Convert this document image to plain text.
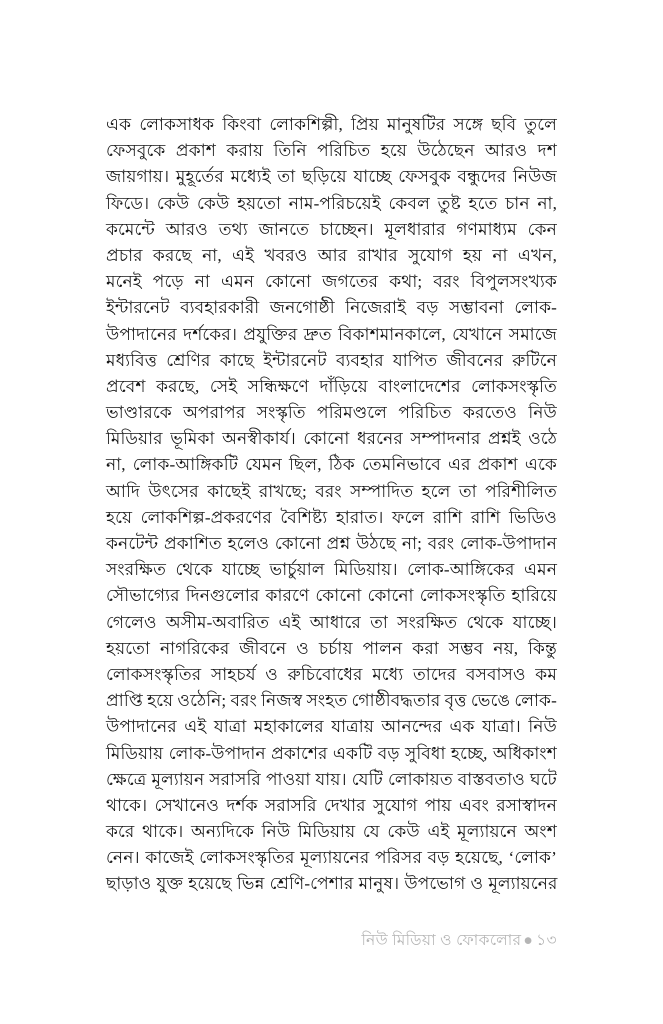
এক লোকসাধক কিংবা লোকশিল্পী, প্রিয় মানুষটির সঙ্গে ছবি তুলে
ফেসবুকে প্রকাশ করায় তিনি পরিচিত হয়ে উঠেছেন আরও দশ
জায়গায়। মুহূর্তের মধ্যেই তা ছড়িয়ে যাচ্ছে ফেসবুক বন্ধুদের নিউজ
ফিডে। কেউ কেউ হয়তো নাম-পরিচয়েই কেবল তুষ্ট হতে চান না,
কমেন্টে আরও তথ্য জানতে চাচ্ছেন। মূলধারার গণমাধ্যম কেন
প্রচার করছে না, এই খবরও আর রাখার সুযোগ হয় না এখন,
মনেই পড়ে না এমন কোনো জগতের কথা; বরং বিপুলসংখ্যক
ইন্টারনেট ব্যবহারকারী জনগোষ্ঠী নিজেরাই বড় সম্ভাবনা লোক-
উপাদানের দর্শকের। প্রযুক্তির দ্রুত বিকাশমানকালে, যেখানে সমাজে
মধ্যবিত্ত শ্রেণির কাছে ইন্টারনেট ব্যবহার যাপিত জীবনের রুটিনে
প্রবেশ করছে, সেই সন্ধিক্ষণে দাঁড়িয়ে বাংলাদেশের লোকসংস্কৃতি
ভাণ্ডারকে অপরাপর সংস্কৃতি পরিমণ্ডলে পরিচিত করতেও নিউ
মিডিয়ার ভূমিকা অনস্বীকার্য। কোনো ধরনের সম্পাদনার প্রশ্নই ওঠে
না, লোক-আঙ্গিকটি যেমন ছিল, ঠিক তেমনিভাবে এর প্রকাশ একে
আদি উৎসের কাছেই রাখছে; বরং সম্পাদিত হলে তা পরিশীলিত
হয়ে লোকশিল্প-প্রকরণের বৈশিষ্ট্য হারাত। ফলে রাশি রাশি ভিডিও
কনটেন্ট প্রকাশিত হলেও কোনো প্রশ্ন উঠছে না; বরং লোক-উপাদান
সংরক্ষিত থেকে যাচ্ছে ভার্চুয়াল মিডিয়ায়। লোক-আঙ্গিকের এমন
সৌভাগ্যের দিনগুলোর কারণে কোনো কোনো লোকসংস্কৃতি হারিয়ে
গেলেও অসীম-অবারিত এই আধারে তা সংরক্ষিত থেকে যাচ্ছে।
হয়তো নাগরিকের জীবনে ও চর্চায় পালন করা সম্ভব নয়, কিন্তু
লোকসংস্কৃতির সাহচর্য ও রুচিবোধের মধ্যে তাদের বসবাসও কম
প্রাপ্তি হয়ে ওঠেনি; বরং নিজস্ব সংহত গোষ্ঠীবদ্ধতার বৃত্ত ভেঙে লোক-
উপাদানের এই যাত্রা মহাকালের যাত্রায় আনন্দের এক যাত্রা। নিউ
মিডিয়ায় লোক-উপাদান প্রকাশের একটি বড় সুবিধা হচ্ছে, অধিকাংশ
ক্ষেত্রে মূল্যায়ন সরাসরি পাওয়া যায়। যেটি লোকায়ত বাস্তবতাও ঘটে
থাকে। সেখানেও দর্শক সরাসরি দেখার সুযোগ পায় এবং রসাস্বাদন
করে থাকে। অন্যদিকে নিউ মিডিয়ায় যে কেউ এই মূল্যায়নে অংশ
নেন। কাজেই লোকসংস্কৃতির মূল্যায়নের পরিসর বড় হয়েছে, ‘লোক’
ছাড়াও যুক্ত হয়েছে ভিন্ন শ্রেণি-পেশার মানুষ। উপভোগ ও মূল্যায়নের
নিউ মিডিয়া ও ফোকলোর ● ১৩
